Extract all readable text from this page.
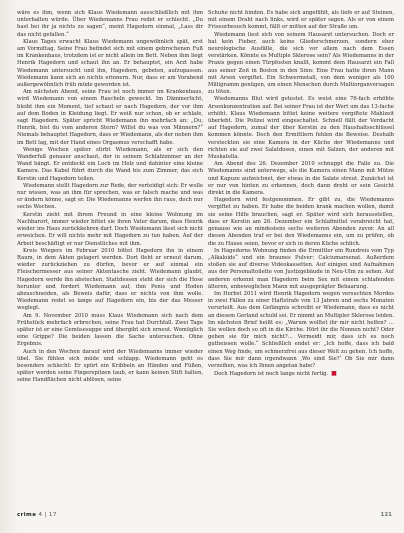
wäre es ihm, wenn sich Klaus Wiedemann ausschließlich mit ihm unterhalten würde. Über Wiedemanns Frau redet er schlecht. „Du hast bei ihr ja nichts zu sagen“, meint Hagedorn einmal, „Lass dir das nicht gefallen.“

Klaus Tages erwacht Klaus Wiedemann ungewöhnlich spät, erst am Vormittag. Seine Frau befindet sich mit einem gebrochenen Fuß im Krankenhaus, trotzdem ist er nicht allein im Bett. Neben ihm liegt Henrik Hagedorn und schaut ihn an. Er behauptet, ein Arzt habe Wiedemann untersucht und ihn, Hagedorn, gebeten, aufzupassen. Wiedemann kann sich an nichts erinnern. Nur, dass er am Vorabend außergewöhnlich früh müde geworden ist.

Am nächsten Abend, seine Frau ist noch immer im Krankenhaus, wird Wiedemann von einem Rascheln geweckt. Im Dämmerlicht, bleibt ihm ein Moment, tief schaut er nach Hagedorn, der vor ihm auf dem Boden in Kleidung liegt. Er weiß nur schon, ob er schlafe, sagt Hagedorn. Später spricht Wiedemann ihn mehrfach an: „Du, Henrik, bist du vom anderen Stern? Willst du was von Männern?“ Niemals behauptet Hagedorn, dass er Wiedemann, als der neben ihm im Bett lag, mit der Hand eines Orgasmus verschafft habe.

Wenige Wochen später stirbt Wiedemann, als er sich den Wanderfuß genauer anschaut, der in seinem Schlafzimmer an der Wand hängt. Er entdeckt ein Loch im Holz und dahinter eine kleine Kamera. Das Kabel führt durch die Wand bis zum Zimmer, das sich Kerstin und Hagedorn teilen.

Wiedemann stellt Hagedorn zur Rede, der verteidigt sich: Er wolle nur wissen, was an ihm für sprechen, was er falsch mache und was er ändern könne, sagt er. Die Wiedemanns werfen ihn raus, doch nur sechs Wochen.

Kerstin zieht mit ihrem Freund in eine kleine Wohnung im Nachbarort, immer wieder bittet sie ihren Vater darum, dass Henrik wieder ins Haus zurückkehren darf. Doch Wiedemann lässt sich nicht erweichen. Er will nichts mehr mit Hagedorn zu tun haben. Auf der Arbeit beschäftigt er nur Dienstliches mit ihm.

Kreis Wiegers im Februar 2010 bittet Hagedorn ihn in einem Raum, in dem Akten gelagert werden. Dort fleht er erneut darum, wieder zurückziehen zu dürfen, bevor er auf einmal ein Fleischermesser aus seiner Aktentasche zieht. Wiedemann glaubt, Hagedorn werde ihn abstechen. Stattdessen steht der sich die Hose herunter und fordert Wiedemann auf, ihm Penis und Hoden abzuschneiden, als Beweis dafür, dass er nichts von ihm wolle. Wiedemann redet so lange auf Hagedorn ein, bis der das Messer weglegt.

Am 9. November 2010 muss Klaus Wiedemann sich nach dem Frühstück mehrfach erbrechen, seine Frau hat Durchfall. Zwei Tage später ist er eine Gemüsesuppe und übergibt sich erneut. Womöglich eine Grippe? Die beiden lassen die Sache untersuchen. Ohne Ergebnis.

Auch in den Wochen darauf wird der Wiedemanns immer wieder übel. Sie fühlen sich müde und schlapp. Wiedemann geht es besonders schlecht: Er spürt ein Kribbeln an Händen und Füßen, später werden seine Fingerspitzen taub, er kann keinen Stift halten, seine Handflächen nicht ablösen, seine

Schuhe nicht binden. Es habe sich angefühlt, als liefe er auf Steinen, mit einem Draht nach links, wird er später sagen. Als er von einem Friseurbesuch kommt, fällt er mitten auf der Straße um.

Wiedemann liest sich von seinem Hausarzt untersuchen. Doch er hat kein Fieber, auch keine Gliederschmerzen, sondern eher neurologische Ausfälle, die sich vor allem nach dem Essen verstärken. Könnte es Multiple Sklerose sein? Als Wiedemanns in der Praxis gegen einen Türpfosten knallt, kommt dem Hausarzt ein Fall aus seiner Zeit in Boston in den Sinn: Eine Frau hatte ihren Mann mit Arsen vergiftet. Ein Schwermetall, von dem weniger als 100 Milligramm genügen, um einen Menschen durch Multiorganversagen zu töten.

Wiedemanns Blut wird getestet. Es weist eine 76-fach erhöhte Arsenkonzentration auf. Bei seiner Frau ist der Wert um das 13-fache erhöht. Klaus Wiedemann bittet keine weitere vergiftete Mahlzeit überlebt. Die Polizei wird eingeschaltet. Schnell fällt der Verdacht auf Hagedorn, zumal der über Kerstin zu den Haushaltsschlüssel kommen könnte. Doch den Ermittlern fehlen die Beweise. Deshalb versteckten sie eine Kamera in der Küche der Wiedemanns und richten sie auf zwei Salatdosen, einen mit Salzen, der anderen mit Muskatella.

Am Abend des 26. Dezember 2010 schnuppt die Falle zu. Die Wiedemanns sind unterwegs, als die Kamera einen Mann mit Mütze und Kapuze aufzeichnet, der etwas in die Salate streut. Zunächst ist er nur von hinten zu erkennen, doch dann dreht er sein Gesicht direkt in die Kamera.

Hagedorn wird festgenommen. Er gibt zu, die Wiedemanns vergiftet zu haben. Er habe die beiden krank machen wollen, damit sie seine Hilfe brauchen, sagt er. Später wird sich herausstellen, dass er Kerstin am 26. Dezember ein Schlafmittel verabreicht hat, genauso wie an mindestens sechs weiteren Abenden zuvor. An all diesen Abenden traf er bei den Wiedemanns ein, um zu prüfen, ob die zu Hause seien, bevor er sich in deren Küche schlich.

In Hagedorns Wohnung finden die Ermittler ein Rundreis vom Typ „Alkaloids“ und ein braunes Pulver: Calciumarsenat. Außerdem stoßen sie auf diverse Videokassetten. Auf einigen sind Aufnahmen aus der Personaltoilette von Justizgebäude in Neu-Ulm zu sehen. Auf anderen erkennt man Hagedorn beim Sex mit einem schlafenden älteren, unbeweglichen Mann mit ausgeprägter Behaarung.

Im Herbst 2011 wird Henrik Hagedorn wegen versuchten Mordes in zwei Fällen zu einer Haftstrafe von 13 Jahren und sechs Monaten verurteilt. Aus dem Gefängnis schreibt er Wiedemann, dass es nicht an diesem Gerland schuld sei. Er nimmt an Multipler Sklerose leiden. Im nächsten Brief heißt es: „Warum wolltet ihr mir nicht helfen? … Sie wollen doch so oft in die Kirche. Hört ihr die Nonnen nicht? Oder gehen sie für mich nicht?… Vermeidt mir, dass ich es noch gutheissen wolle.“ Schließlich endet er: „Ich hoffe, dass ich bald einen Weg finde, um schmerzfrei aus dieser Welt zu gehen. Ich hoffe, dass Sie mir dann irgendwann ‚Wo sind Sie?‘ Ob Sie mir dann verzeihen, was ich Ihnen angetan habe?

Doch Hagedorn ist noch lange nicht fertig. ■

crime 4 | 17	121
